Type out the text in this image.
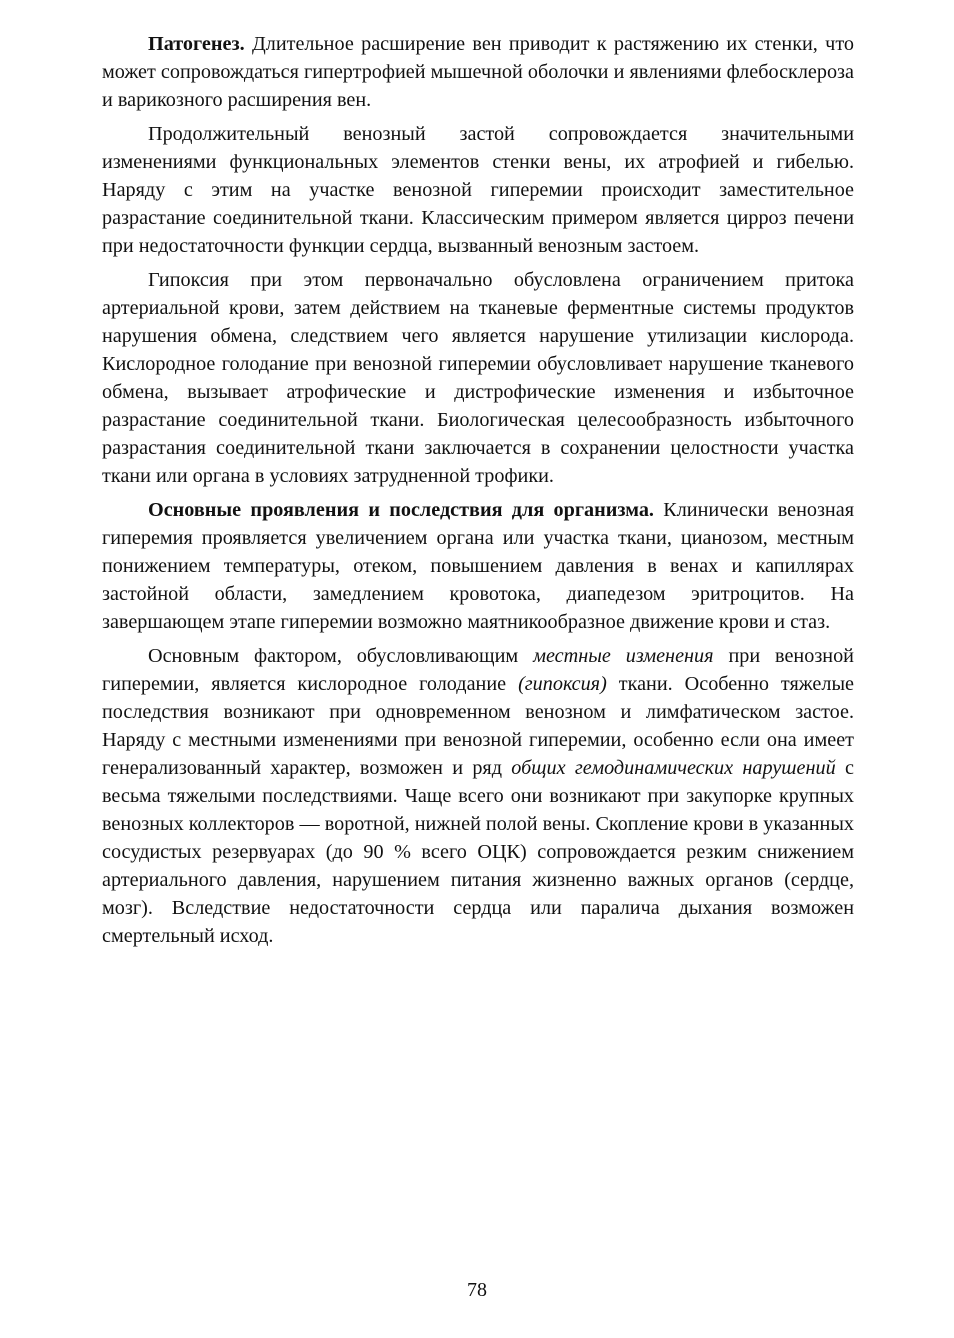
Патогенез. Длительное расширение вен приводит к растяжению их стенки, что может сопровождаться гипертрофией мышечной оболочки и явлениями флебосклероза и варикозного расширения вен.

Продолжительный венозный застой сопровождается значительными изменениями функциональных элементов стенки вены, их атрофией и гибелью. Наряду с этим на участке венозной гиперемии происходит заместительное разрастание соединительной ткани. Классическим примером является цирроз печени при недостаточности функции сердца, вызванный венозным застоем.

Гипоксия при этом первоначально обусловлена ограничением притока артериальной крови, затем действием на тканевые ферментные системы продуктов нарушения обмена, следствием чего является нарушение утилизации кислорода. Кислородное голодание при венозной гиперемии обусловливает нарушение тканевого обмена, вызывает атрофические и дистрофические изменения и избыточное разрастание соединительной ткани. Биологическая целесообразность избыточного разрастания соединительной ткани заключается в сохранении целостности участка ткани или органа в условиях затрудненной трофики.

Основные проявления и последствия для организма. Клинически венозная гиперемия проявляется увеличением органа или участка ткани, цианозом, местным понижением температуры, отеком, повышением давления в венах и капиллярах застойной области, замедлением кровотока, диапедезом эритроцитов. На завершающем этапе гиперемии возможно маятникообразное движение крови и стаз.

Основным фактором, обусловливающим местные изменения при венозной гиперемии, является кислородное голодание (гипоксия) ткани. Особенно тяжелые последствия возникают при одновременном венозном и лимфатическом застое. Наряду с местными изменениями при венозной гиперемии, особенно если она имеет генерализованный характер, возможен и ряд общих гемодинамических нарушений с весьма тяжелыми последствиями. Чаще всего они возникают при закупорке крупных венозных коллекторов — воротной, нижней полой вены. Скопление крови в указанных сосудистых резервуарах (до 90 % всего ОЦК) сопровождается резким снижением артериального давления, нарушением питания жизненно важных органов (сердце, мозг). Вследствие недостаточности сердца или паралича дыхания возможен смертельный исход.

78
